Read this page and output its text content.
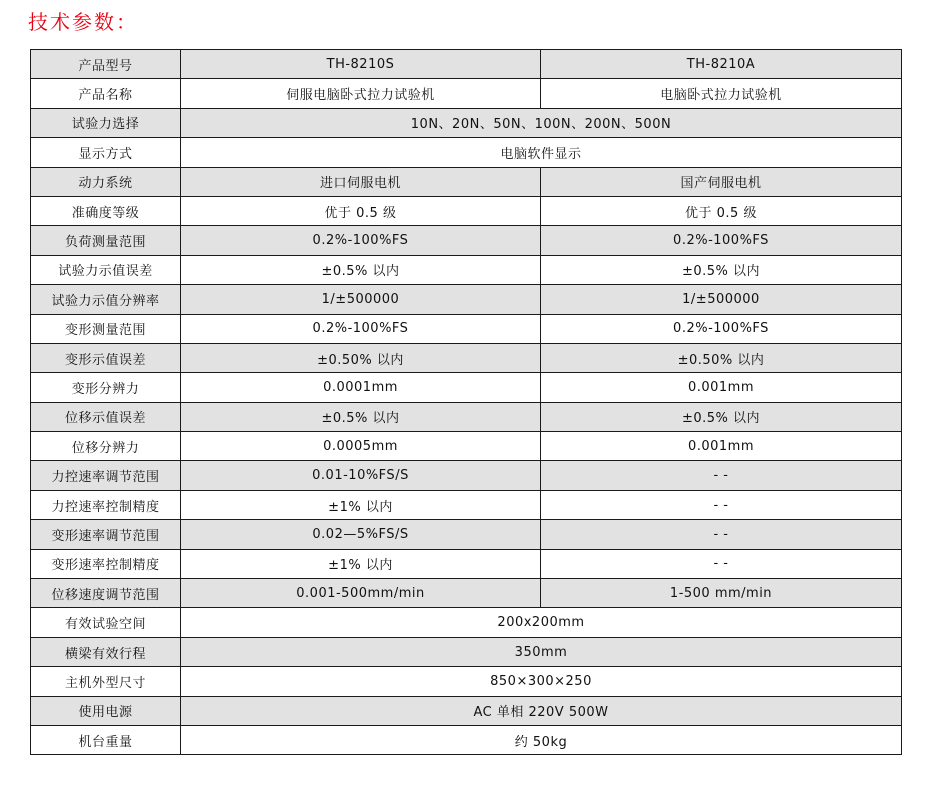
技术参数：
产品型号	TH-8210S	TH-8210A
产品名称	伺服电脑卧式拉力试验机	电脑卧式拉力试验机
试验力选择	10N、20N、50N、100N、200N、500N	
显示方式	电脑软件显示	
动力系统	进口伺服电机	国产伺服电机
准确度等级	优于 0.5 级	优于 0.5 级
负荷测量范围	0.2%-100%FS	0.2%-100%FS
试验力示值误差	±0.5% 以内	±0.5% 以内
试验力示值分辨率	1/±500000	1/±500000
变形测量范围	0.2%-100%FS	0.2%-100%FS
变形示值误差	±0.50% 以内	±0.50% 以内
变形分辨力	0.0001mm	0.001mm
位移示值误差	±0.5% 以内	±0.5% 以内
位移分辨力	0.0005mm	0.001mm
力控速率调节范围	0.01-10%FS/S	- -
力控速率控制精度	±1% 以内	- -
变形速率调节范围	0.02—5%FS/S	- -
变形速率控制精度	±1% 以内	- -
位移速度调节范围	0.001-500mm/min	1-500 mm/min
有效试验空间	200x200mm	
横梁有效行程	350mm	
主机外型尺寸	850×300×250	
使用电源	AC 单相 220V 500W	
机台重量	约 50kg	
